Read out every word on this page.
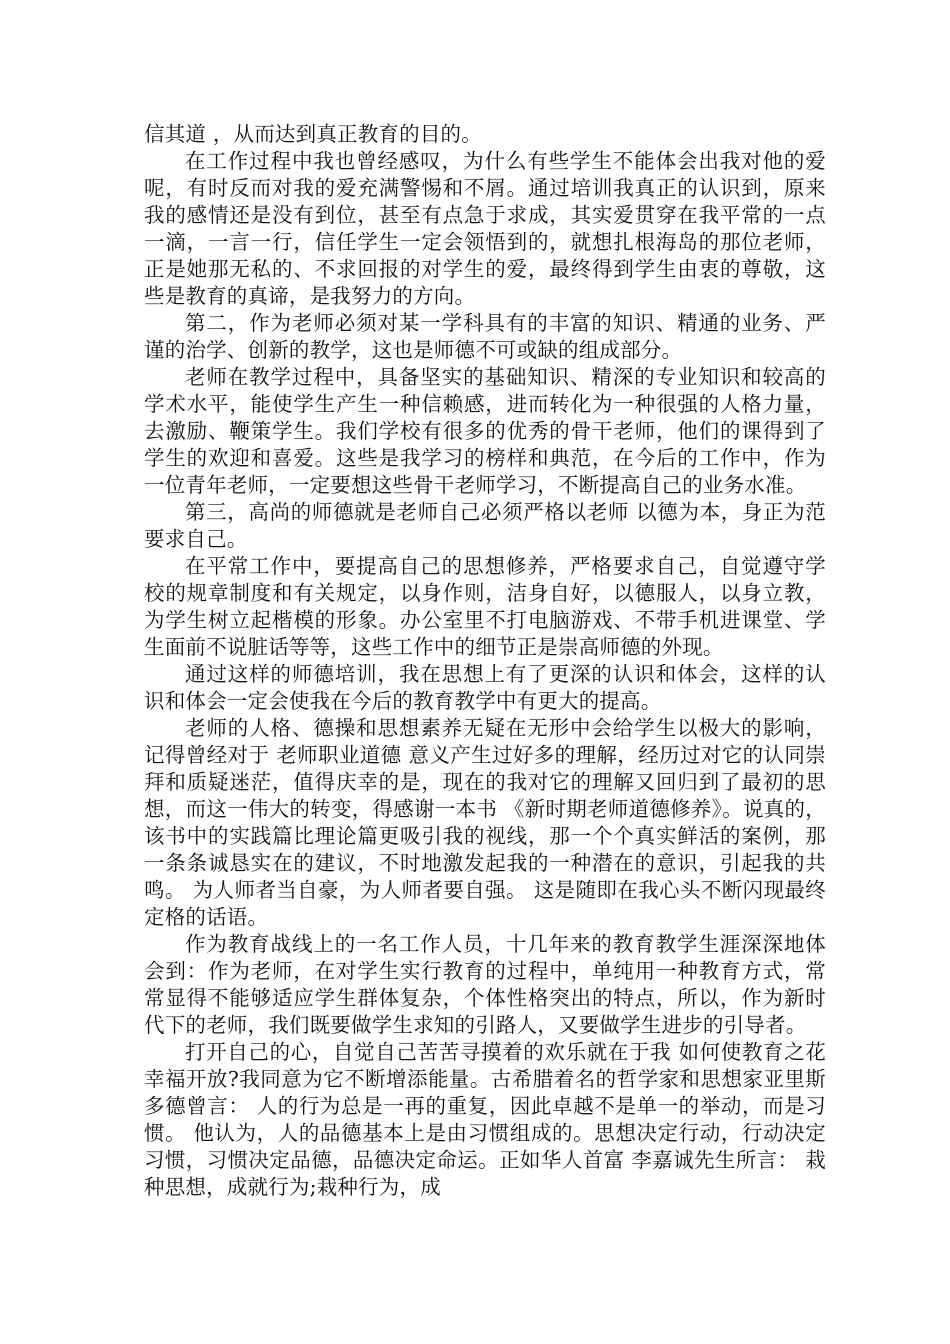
信其道 ，从而达到真正教育的目的。

在工作过程中我也曾经感叹，为什么有些学生不能体会出我对他的爱呢，有时反而对我的爱充满警惕和不屑。通过培训我真正的认识到，原来我的感情还是没有到位，甚至有点急于求成，其实爱贯穿在我平常的一点一滴，一言一行，信任学生一定会领悟到的，就想扎根海岛的那位老师，正是她那无私的、不求回报的对学生的爱，最终得到学生由衷的尊敬，这些是教育的真谛，是我努力的方向。

第二，作为老师必须对某一学科具有的丰富的知识、精通的业务、严谨的治学、创新的教学，这也是师德不可或缺的组成部分。

老师在教学过程中，具备坚实的基础知识、精深的专业知识和较高的学术水平，能使学生产生一种信赖感，进而转化为一种很强的人格力量，去激励、鞭策学生。我们学校有很多的优秀的骨干老师，他们的课得到了学生的欢迎和喜爱。这些是我学习的榜样和典范，在今后的工作中，作为一位青年老师，一定要想这些骨干老师学习，不断提高自己的业务水准。

第三，高尚的师德就是老师自己必须严格以老师 以德为本，身正为范 要求自己。

在平常工作中，要提高自己的思想修养，严格要求自己，自觉遵守学校的规章制度和有关规定，以身作则，洁身自好，以德服人，以身立教，为学生树立起楷模的形象。办公室里不打电脑游戏、不带手机进课堂、学生面前不说脏话等等，这些工作中的细节正是崇高师德的外现。

通过这样的师德培训，我在思想上有了更深的认识和体会，这样的认识和体会一定会使我在今后的教育教学中有更大的提高。

老师的人格、德操和思想素养无疑在无形中会给学生以极大的影响，记得曾经对于 老师职业道德 意义产生过好多的理解，经历过对它的认同崇拜和质疑迷茫，值得庆幸的是，现在的我对它的理解又回归到了最初的思想，而这一伟大的转变，得感谢一本书 《新时期老师道德修养》。说真的，该书中的实践篇比理论篇更吸引我的视线，那一个个真实鲜活的案例，那一条条诚恳实在的建议，不时地激发起我的一种潜在的意识，引起我的共鸣。 为人师者当自豪，为人师者要自强。 这是随即在我心头不断闪现最终定格的话语。

作为教育战线上的一名工作人员，十几年来的教育教学生涯深深地体会到：作为老师，在对学生实行教育的过程中，单纯用一种教育方式，常常显得不能够适应学生群体复杂，个体性格突出的特点，所以，作为新时代下的老师，我们既要做学生求知的引路人，又要做学生进步的引导者。

打开自己的心，自觉自己苦苦寻摸着的欢乐就在于我 如何使教育之花幸福开放?我同意为它不断增添能量。古希腊着名的哲学家和思想家亚里斯多德曾言： 人的行为总是一再的重复，因此卓越不是单一的举动，而是习惯。 他认为，人的品德基本上是由习惯组成的。思想决定行动，行动决定习惯，习惯决定品德，品德决定命运。正如华人首富 李嘉诚先生所言： 栽种思想，成就行为;栽种行为，成
